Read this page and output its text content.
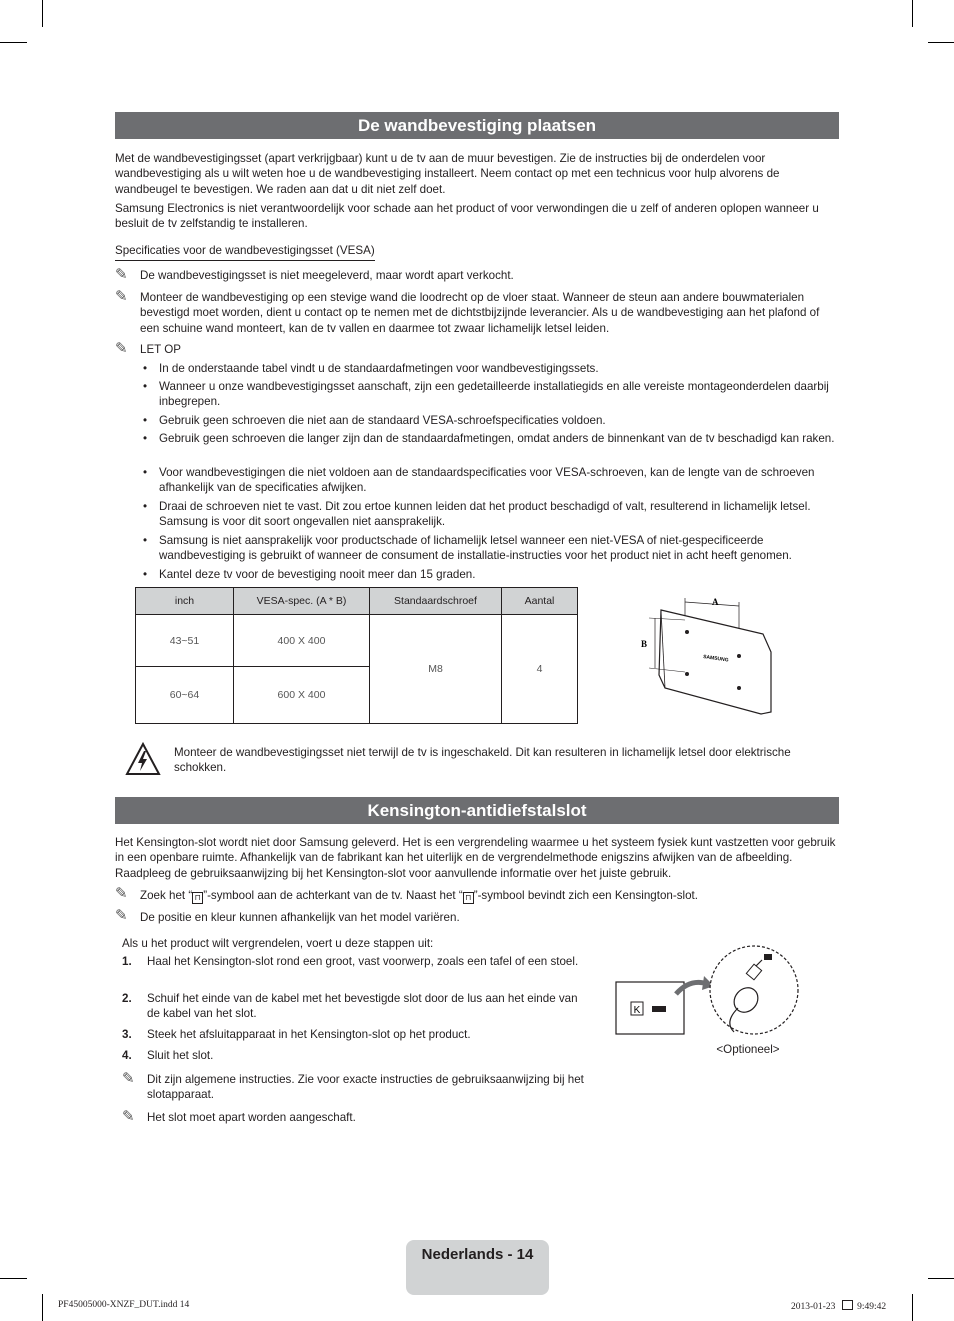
De wandbevestiging plaatsen

Met de wandbevestigingsset (apart verkrijgbaar) kunt u de tv aan de muur bevestigen. Zie de instructies bij de onderdelen voor wandbevestiging als u wilt weten hoe u de wandbevestiging installeert. Neem contact op met een technicus voor hulp alvorens de wandbeugel te bevestigen. We raden aan dat u dit niet zelf doet.

Samsung Electronics is niet verantwoordelijk voor schade aan het product of voor verwondingen die u zelf of anderen oplopen wanneer u besluit de tv zelfstandig te installeren.

Specificaties voor de wandbevestigingsset (VESA)
✎ De wandbevestigingsset is niet meegeleverd, maar wordt apart verkocht.
✎ Monteer de wandbevestiging op een stevige wand die loodrecht op de vloer staat. Wanneer de steun aan andere bouwmaterialen bevestigd moet worden, dient u contact op te nemen met de dichtstbijzijnde leverancier. Als u de wandbevestiging aan het plafond of een schuine wand monteert, kan de tv vallen en daarmee tot zwaar lichamelijk letsel leiden.
✎ LET OP
• In de onderstaande tabel vindt u de standaardafmetingen voor wandbevestigingssets.
• Wanneer u onze wandbevestigingsset aanschaft, zijn een gedetailleerde installatiegids en alle vereiste montageonderdelen daarbij inbegrepen.
• Gebruik geen schroeven die niet aan de standaard VESA-schroefspecificaties voldoen.
• Gebruik geen schroeven die langer zijn dan de standaardafmetingen, omdat anders de binnenkant van de tv beschadigd kan raken.
• Voor wandbevestigingen die niet voldoen aan de standaardspecificaties voor VESA-schroeven, kan de lengte van de schroeven afhankelijk van de specificaties afwijken.
• Draai de schroeven niet te vast. Dit zou ertoe kunnen leiden dat het product beschadigd of valt, resulterend in lichamelijk letsel. Samsung is voor dit soort ongevallen niet aansprakelijk.
• Samsung is niet aansprakelijk voor productschade of lichamelijk letsel wanneer een niet-VESA of niet-gespecificeerde wandbevestiging is gebruikt of wanneer de consument de installatie-instructies voor het product niet in acht heeft genomen.
• Kantel deze tv voor de bevestiging nooit meer dan 15 graden.
inch	VESA-spec. (A * B)	Standaardschroef	Aantal
43~51	400 X 400	M8	4
60~64	600 X 400		
A
B
SAMSUNG
Monteer de wandbevestigingsset niet terwijl de tv is ingeschakeld. Dit kan resulteren in lichamelijk letsel door elektrische schokken.
Kensington-antidiefstalslot

Het Kensington-slot wordt niet door Samsung geleverd. Het is een vergrendeling waarmee u het systeem fysiek kunt vastzetten voor gebruik in een openbare ruimte. Afhankelijk van de fabrikant kan het uiterlijk en de vergrendelmethode enigszins afwijken van de afbeelding. Raadpleeg de gebruiksaanwijzing bij het Kensington-slot voor aanvullende informatie over het juiste gebruik.

✎ Zoek het “ ⊓ ”-symbool aan de achterkant van de tv. Naast het “ ⊓ ”-symbool bevindt zich een Kensington-slot.
✎ De positie en kleur kunnen afhankelijk van het model variëren.
Als u het product wilt vergrendelen, voert u deze stappen uit:
1. Haal het Kensington-slot rond een groot, vast voorwerp, zoals een tafel of een stoel.
2. Schuif het einde van de kabel met het bevestigde slot door de lus aan het einde van de kabel van het slot.
3. Steek het afsluitapparaat in het Kensington-slot op het product.
4. Sluit het slot.
✎ Dit zijn algemene instructies. Zie voor exacte instructies de gebruiksaanwijzing bij het slotapparaat.
✎ Het slot moet apart worden aangeschaft.
K
<Optioneel>
Nederlands - 14
PF45005000-XNZF_DUT.indd 14	2013-01-23 9:49:42
